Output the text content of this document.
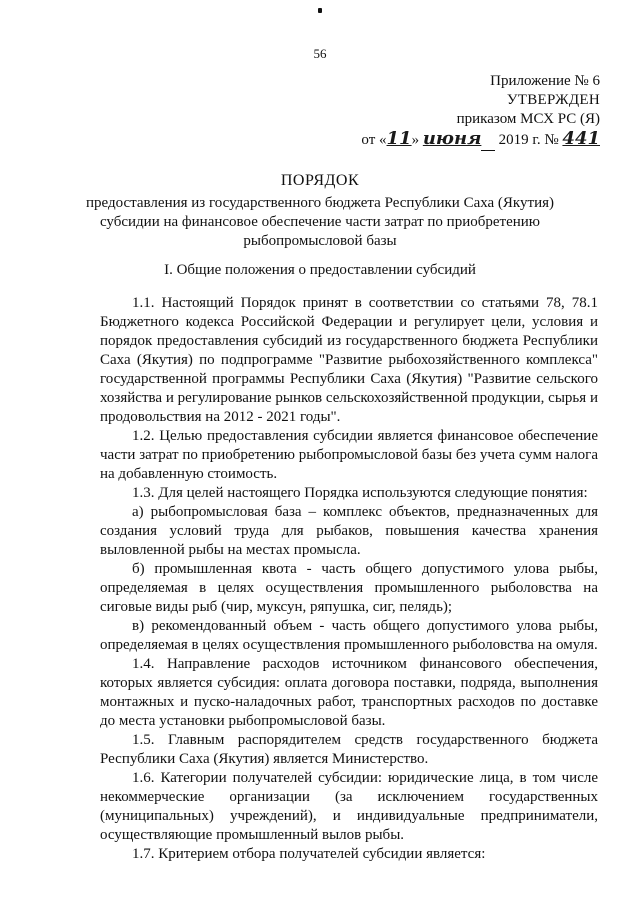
56
Приложение № 6
УТВЕРЖДЕН
приказом МСХ РС (Я)
от «11» июня 2019 г. № 441
ПОРЯДОК
предоставления из государственного бюджета Республики Саха (Якутия) субсидии на финансовое обеспечение части затрат по приобретению рыбопромысловой базы
I. Общие положения о предоставлении субсидий

1.1. Настоящий Порядок принят в соответствии со статьями 78, 78.1 Бюджетного кодекса Российской Федерации и регулирует цели, условия и порядок предоставления субсидий из государственного бюджета Республики Саха (Якутия) по подпрограмме "Развитие рыбохозяйственного комплекса" государственной программы Республики Саха (Якутия) "Развитие сельского хозяйства и регулирование рынков сельскохозяйственной продукции, сырья и продовольствия на 2012 - 2021 годы".

1.2. Целью предоставления субсидии является финансовое обеспечение части затрат по приобретению рыбопромысловой базы без учета сумм налога на добавленную стоимость.

1.3. Для целей настоящего Порядка используются следующие понятия:

а) рыбопромысловая база – комплекс объектов, предназначенных для создания условий труда для рыбаков, повышения качества хранения выловленной рыбы на местах промысла.

б) промышленная квота - часть общего допустимого улова рыбы, определяемая в целях осуществления промышленного рыболовства на сиговые виды рыб (чир, муксун, ряпушка, сиг, пелядь);

в) рекомендованный объем - часть общего допустимого улова рыбы, определяемая в целях осуществления промышленного рыболовства на омуля.

1.4. Направление расходов источником финансового обеспечения, которых является субсидия: оплата договора поставки, подряда, выполнения монтажных и пуско-наладочных работ, транспортных расходов по доставке до места установки рыбопромысловой базы.

1.5. Главным распорядителем средств государственного бюджета Республики Саха (Якутия) является Министерство.

1.6. Категории получателей субсидии: юридические лица, в том числе некоммерческие организации (за исключением государственных (муниципальных) учреждений), и индивидуальные предприниматели, осуществляющие промышленный вылов рыбы.

1.7. Критерием отбора получателей субсидии является:
